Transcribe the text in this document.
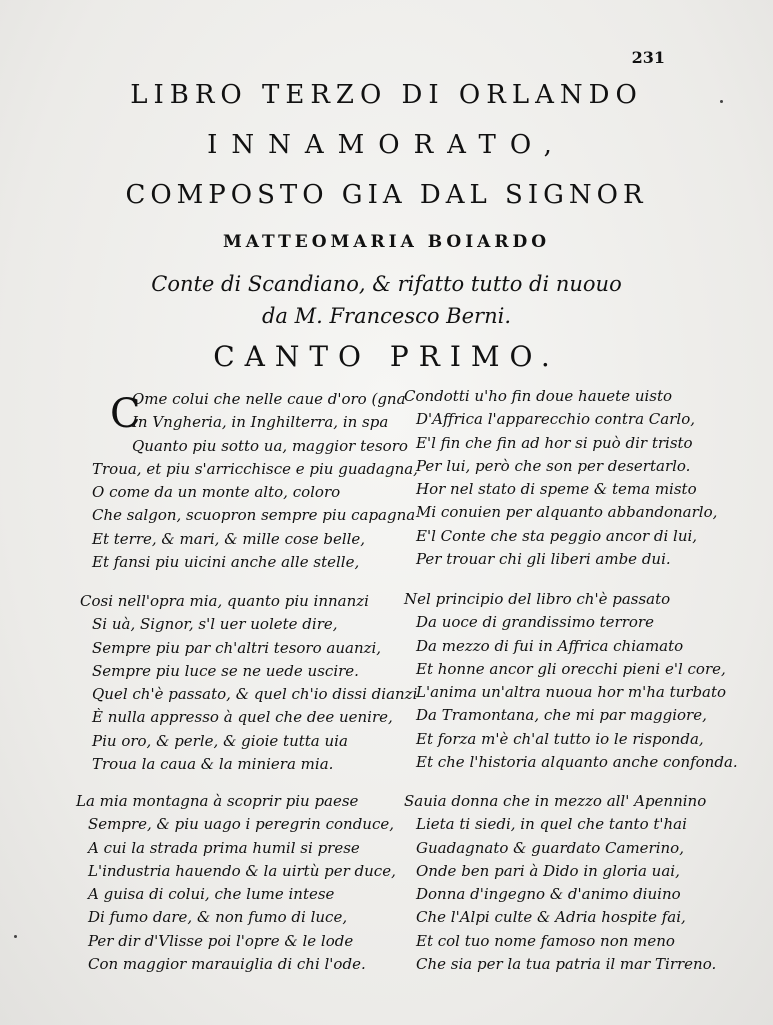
231
LIBRO TERZO DI ORLANDO
INNAMORATO,
COMPOSTO GIA DAL SIGNOR
MATTEOMARIA BOIARDO
Conte di Scandiano, & rifatto tutto di nuouo
da M. Francesco Berni.
CANTO PRIMO.
C
Ome colui che nelle caue d'oro (gna
In Vngheria, in Inghilterra, in spa
Quanto piu sotto ua, maggior tesoro
Troua, et piu s'arricchisce e piu guadagna,
O come da un monte alto, coloro
Che salgon, scuopron sempre piu capagna
Et terre, & mari, & mille cose belle,
Et fansi piu uicini anche alle stelle,
Condotti u'ho fin doue hauete uisto
D'Affrica l'apparecchio contra Carlo,
E'l fin che fin ad hor si può dir tristo
Per lui, però che son per desertarlo.
Hor nel stato di speme & tema misto
Mi conuien per alquanto abbandonarlo,
E'l Conte che sta peggio ancor di lui,
Per trouar chi gli liberi ambe dui.
Cosi nell'opra mia, quanto piu innanzi
Si uà, Signor, s'l uer uolete dire,
Sempre piu par ch'altri tesoro auanzi,
Sempre piu luce se ne uede uscire.
Quel ch'è passato, & quel ch'io dissi dianzi
È nulla appresso à quel che dee uenire,
Piu oro, & perle, & gioie tutta uia
Troua la caua & la miniera mia.
Nel principio del libro ch'è passato
Da uoce di grandissimo terrore
Da mezzo di fui in Affrica chiamato
Et honne ancor gli orecchi pieni e'l core,
L'anima un'altra nuoua hor m'ha turbato
Da Tramontana, che mi par maggiore,
Et forza m'è ch'al tutto io le risponda,
Et che l'historia alquanto anche confonda.
La mia montagna à scoprir piu paese
Sempre, & piu uago i peregrin conduce,
A cui la strada prima humil si prese
L'industria hauendo & la uirtù per duce,
A guisa di colui, che lume intese
Di fumo dare, & non fumo di luce,
Per dir d'Vlisse poi l'opre & le lode
Con maggior marauiglia di chi l'ode.
Sauia donna che in mezzo all' Apennino
Lieta ti siedi, in quel che tanto t'hai
Guadagnato & guardato Camerino,
Onde ben pari à Dido in gloria uai,
Donna d'ingegno & d'animo diuino
Che l'Alpi culte & Adria hospite fai,
Et col tuo nome famoso non meno
Che sia per la tua patria il mar Tirreno.
